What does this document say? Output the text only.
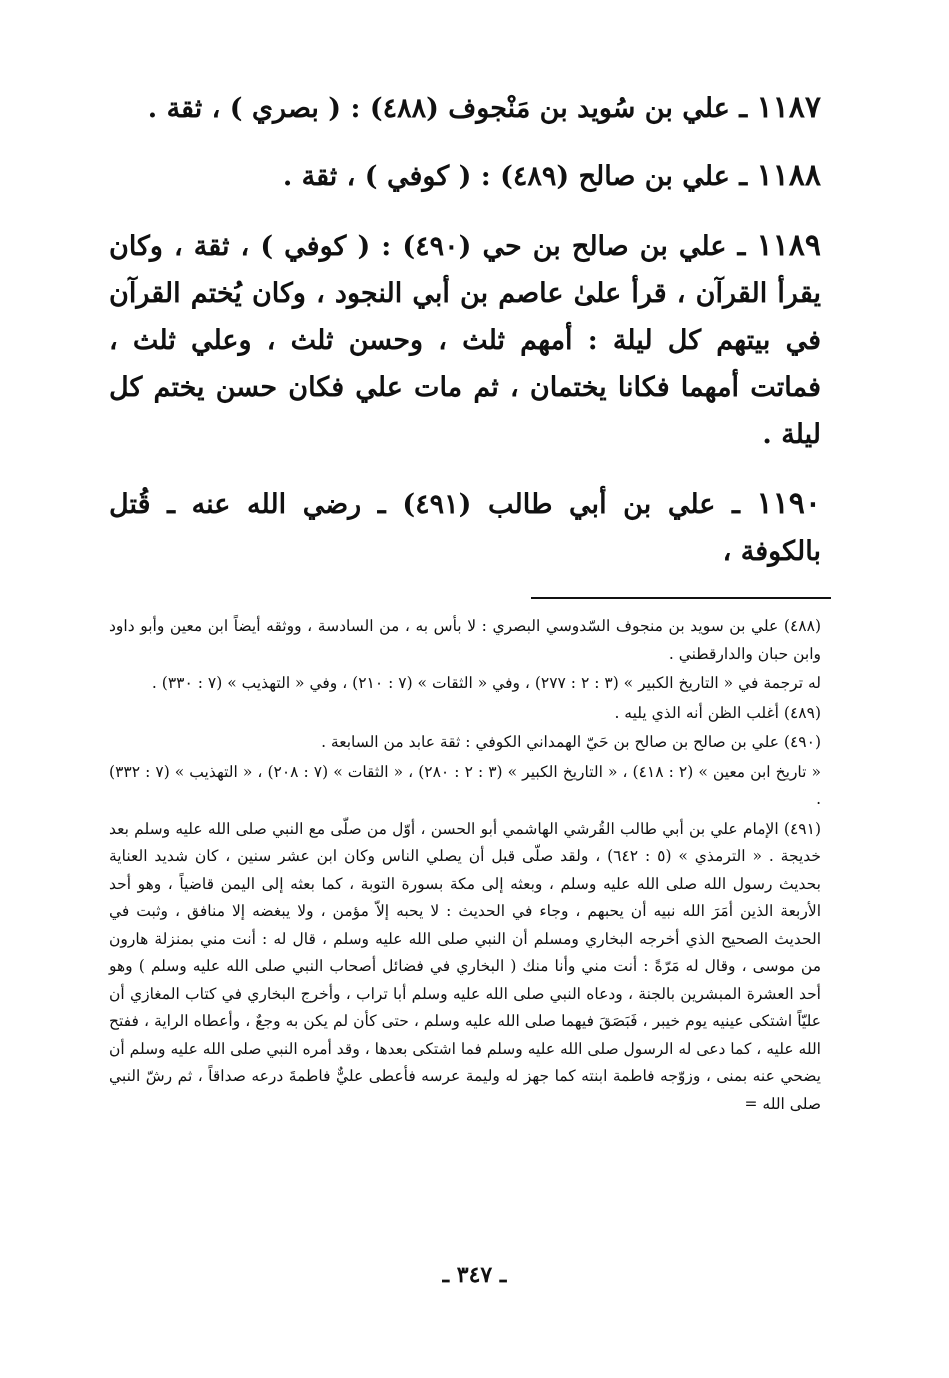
١١٨٧ ـ علي بن سُويد بن مَنْجوف (٤٨٨) : ( بصري ) ، ثقة .

١١٨٨ ـ علي بن صالح (٤٨٩) : ( كوفي ) ، ثقة .

١١٨٩ ـ علي بن صالح بن حي (٤٩٠) : ( كوفي ) ، ثقة ، وكان يقرأ القرآن ، قرأ علىٰ عاصم بن أبي النجود ، وكان يُختم القرآن في بيتهم كل ليلة : أمهم ثلث ، وحسن ثلث ، وعلي ثلث ، فماتت أمهما فكانا يختمان ، ثم مات علي فكان حسن يختم كل ليلة .

١١٩٠ ـ علي بن أبي طالب (٤٩١) ـ رضي الله عنه ـ قُتل بالكوفة ،

(٤٨٨) علي بن سويد بن منجوف السّدوسي البصري : لا بأس به ، من السادسة ، ووثقه أيضاً ابن معين وأبو داود وابن حبان والدارقطني .

له ترجمة في « التاريخ الكبير » (٣ : ٢ : ٢٧٧) ، وفي « الثقات » (٧ : ٢١٠) ، وفي « التهذيب » (٧ : ٣٣٠) .

(٤٨٩) أغلب الظن أنه الذي يليه .

(٤٩٠) علي بن صالح بن صالح بن حَيّ الهمداني الكوفي : ثقة عابد من السابعة .

« تاريخ ابن معين » (٢ : ٤١٨) ، « التاريخ الكبير » (٣ : ٢ : ٢٨٠) ، « الثقات » (٧ : ٢٠٨) ، « التهذيب » (٧ : ٣٣٢) .

(٤٩١) الإمام علي بن أبي طالب القُرشي الهاشمي أبو الحسن ، أوّل من صلّى مع النبي صلى الله عليه وسلم بعد خديجة . « الترمذي » (٥ : ٦٤٢) ، ولقد صلّى قبل أن يصلي الناس وكان ابن عشر سنين ، كان شديد العناية بحديث رسول الله صلى الله عليه وسلم ، وبعثه إلى مكة بسورة التوبة ، كما بعثه إلى اليمن قاضياً ، وهو أحد الأربعة الذين أمَرَ الله نبيه أن يحبهم ، وجاء في الحديث : لا يحبه إلاّ مؤمن ، ولا يبغضه إلا منافق ، وثبت في الحديث الصحيح الذي أخرجه البخاري ومسلم أن النبي صلى الله عليه وسلم ، قال له : أنت مني بمنزلة هارون من موسى ، وقال له مَرّةً : أنت مني وأنا منك ( البخاري في فضائل أصحاب النبي صلى الله عليه وسلم ) وهو أحد العشرة المبشرين بالجنة ، ودعاه النبي صلى الله عليه وسلم أبا تراب ، وأخرج البخاري في كتاب المغازي أن عليّاً اشتكى عينيه يوم خيبر ، فَبَصَقَ فيهما صلى الله عليه وسلم ، حتى كأن لم يكن به وجعٌ ، وأعطاه الراية ، ففتح الله عليه ، كما دعى له الرسول صلى الله عليه وسلم فما اشتكى بعدها ، وقد أمره النبي صلى الله عليه وسلم أن يضحي عنه بمنى ، وزوّجه فاطمة ابنته كما جهز له وليمة عرسه فأعطى عليٌّ فاطمةَ درعه صداقاً ، ثم رشّ النبي صلى الله =

ـ ٣٤٧ ـ
